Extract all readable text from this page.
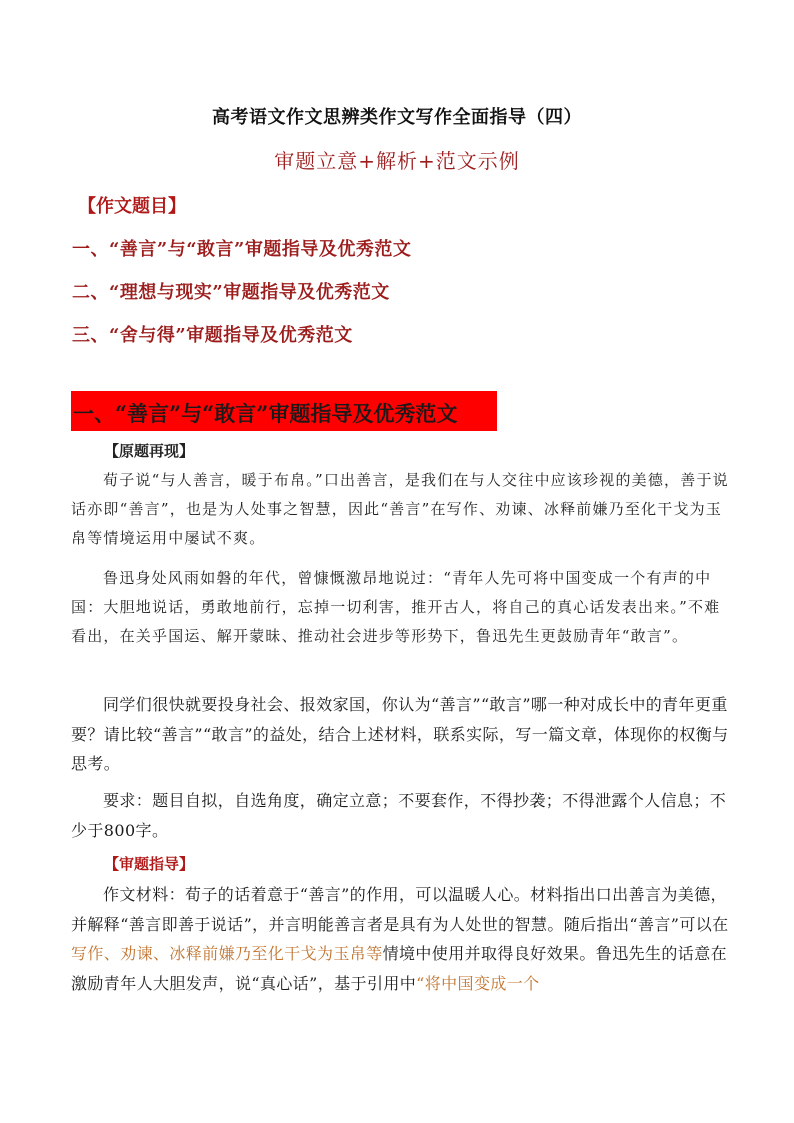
高考语文作文思辨类作文写作全面指导（四）
审题立意+解析+范文示例
【作文题目】
一、“善言”与“敢言”审题指导及优秀范文
二、“理想与现实”审题指导及优秀范文
三、“舍与得”审题指导及优秀范文
一、“善言”与“敢言”审题指导及优秀范文
【原题再现】

荀子说“与人善言，暖于布帛。”口出善言，是我们在与人交往中应该珍视的美德，善于说话亦即“善言”，也是为人处事之智慧，因此“善言”在写作、劝谏、冰释前嫌乃至化干戈为玉帛等情境运用中屡试不爽。

鲁迅身处风雨如磐的年代，曾慷慨激昂地说过：“青年人先可将中国变成一个有声的中国：大胆地说话，勇敢地前行，忘掉一切利害，推开古人，将自己的真心话发表出来。”不难看出，在关乎国运、解开蒙昧、推动社会进步等形势下，鲁迅先生更鼓励青年“敢言”。

同学们很快就要投身社会、报效家国，你认为“善言”“敢言”哪一种对成长中的青年更重要？请比较“善言”“敢言”的益处，结合上述材料，联系实际，写一篇文章，体现你的权衡与思考。

要求：题目自拟，自选角度，确定立意；不要套作，不得抄袭；不得泄露个人信息；不少于800字。

【审题指导】

作文材料：荀子的话着意于“善言”的作用，可以温暖人心。材料指出口出善言为美德，并解释“善言即善于说话”，并言明能善言者是具有为人处世的智慧。随后指出“善言”可以在写作、劝谏、冰释前嫌乃至化干戈为玉帛等情境中使用并取得良好效果。鲁迅先生的话意在激励青年人大胆发声，说“真心话”，基于引用中“将中国变成一个
